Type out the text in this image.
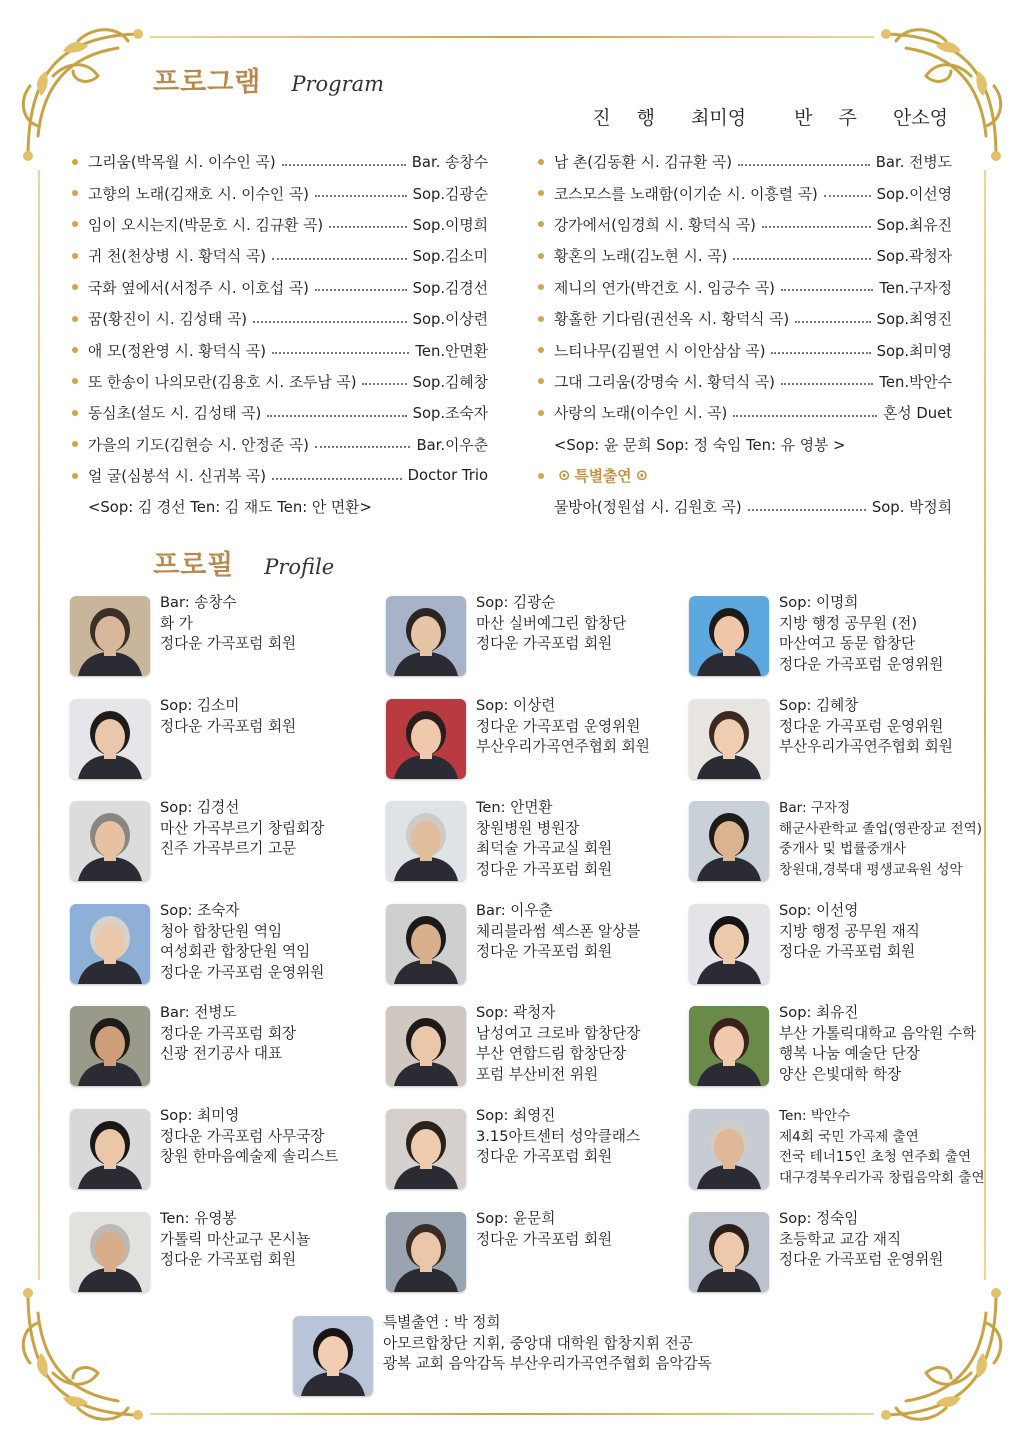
프로그램 Program
진 행 최미영	반 주 안소영
그리움(박목월 시. 이수인 곡)	Bar. 송창수
고향의 노래(김재호 시. 이수인 곡)	Sop.김광순
임이 오시는지(박문호 시. 김규환 곡)	Sop.이명희
귀 천(천상병 시. 황덕식 곡)	Sop.김소미
국화 옆에서(서정주 시. 이호섭 곡)	Sop.김경선
꿈(황진이 시. 김성태 곡)	Sop.이상련
애 모(정완영 시. 황덕식 곡)	Ten.안면환
또 한송이 나의모란(김용호 시. 조두남 곡)	Sop.김혜창
동심초(설도 시. 김성태 곡)	Sop.조숙자
가을의 기도(김현승 시. 안정준 곡)	Bar.이우춘
얼 굴(심봉석 시. 신귀복 곡)	Doctor Trio
<Sop: 김 경선 Ten: 김 재도 Ten: 안 면환>
남 촌(김동환 시. 김규환 곡)	Bar. 전병도
코스모스를 노래함(이기순 시. 이흥렬 곡)	Sop.이선영
강가에서(임경희 시. 황덕식 곡)	Sop.최유진
황혼의 노래(김노현 시. 곡)	Sop.곽청자
제니의 연가(박건호 시. 임긍수 곡)	Ten.구자정
황홀한 기다림(권선옥 시. 황덕식 곡)	Sop.최영진
느티나무(김필연 시 이안삼삼 곡)	Sop.최미영
그대 그리움(강명숙 시. 황덕식 곡)	Ten.박안수
사랑의 노래(이수인 시. 곡)	혼성 Duet
<Sop: 윤 문희 Sop: 정 숙임 Ten: 유 영봉 >
⊙ 특별출연 ⊙
물방아(정원섭 시. 김원호 곡)	Sop. 박정희
프로필 Profile
Bar: 송창수
화 가
정다운 가곡포럼 회원
Sop: 김광순
마산 실버예그린 합창단
정다운 가곡포럼 회원
Sop: 이명희
지방 행정 공무원 (전)
마산여고 동문 합창단
정다운 가곡포럼 운영위원
Sop: 김소미
정다운 가곡포럼 회원
Sop: 이상련
정다운 가곡포럼 운영위원
부산우리가곡연주협회 회원
Sop: 김혜창
정다운 가곡포럼 운영위원
부산우리가곡연주협회 회원
Sop: 김경선
마산 가곡부르기 창립회장
진주 가곡부르기 고문
Ten: 안면환
창원병원 병원장
최덕술 가곡교실 회원
정다운 가곡포럼 회원
Bar: 구자정
해군사관학교 졸업(영관장교 전역)
중개사 및 법률중개사
창원대,경북대 평생교육원 성악
Sop: 조숙자
청아 합창단원 역임
여성회관 합창단원 역임
정다운 가곡포럼 운영위원
Bar: 이우춘
체리블라썸 섹스폰 알상블
정다운 가곡포럼 회원
Sop: 이선영
지방 행정 공무원 재직
정다운 가곡포럼 회원
Bar: 전병도
정다운 가곡포럼 회장
신광 전기공사 대표
Sop: 곽청자
남성여고 크로바 합창단장
부산 연합드림 합창단장
포럼 부산비전 위원
Sop: 최유진
부산 가톨릭대학교 음악원 수학
행복 나눔 예술단 단장
양산 은빛대학 학장
Sop: 최미영
정다운 가곡포럼 사무국장
창원 한마음예술제 솔리스트
Sop: 최영진
3.15아트센터 성악클래스
정다운 가곡포럼 회원
Ten: 박안수
제4회 국민 가곡제 출연
전국 테너15인 초청 연주회 출연
대구경북우리가곡 창립음악회 출연
Ten: 유영봉
가톨릭 마산교구 몬시뇰
정다운 가곡포럼 회원
Sop: 윤문희
정다운 가곡포럼 회원
Sop: 정숙임
초등학교 교감 재직
정다운 가곡포럼 운영위원
특별출연 : 박 정희
아모르합창단 지휘, 중앙대 대학원 합창지휘 전공
광복 교회 음악감독 부산우리가곡연주협회 음악감독
